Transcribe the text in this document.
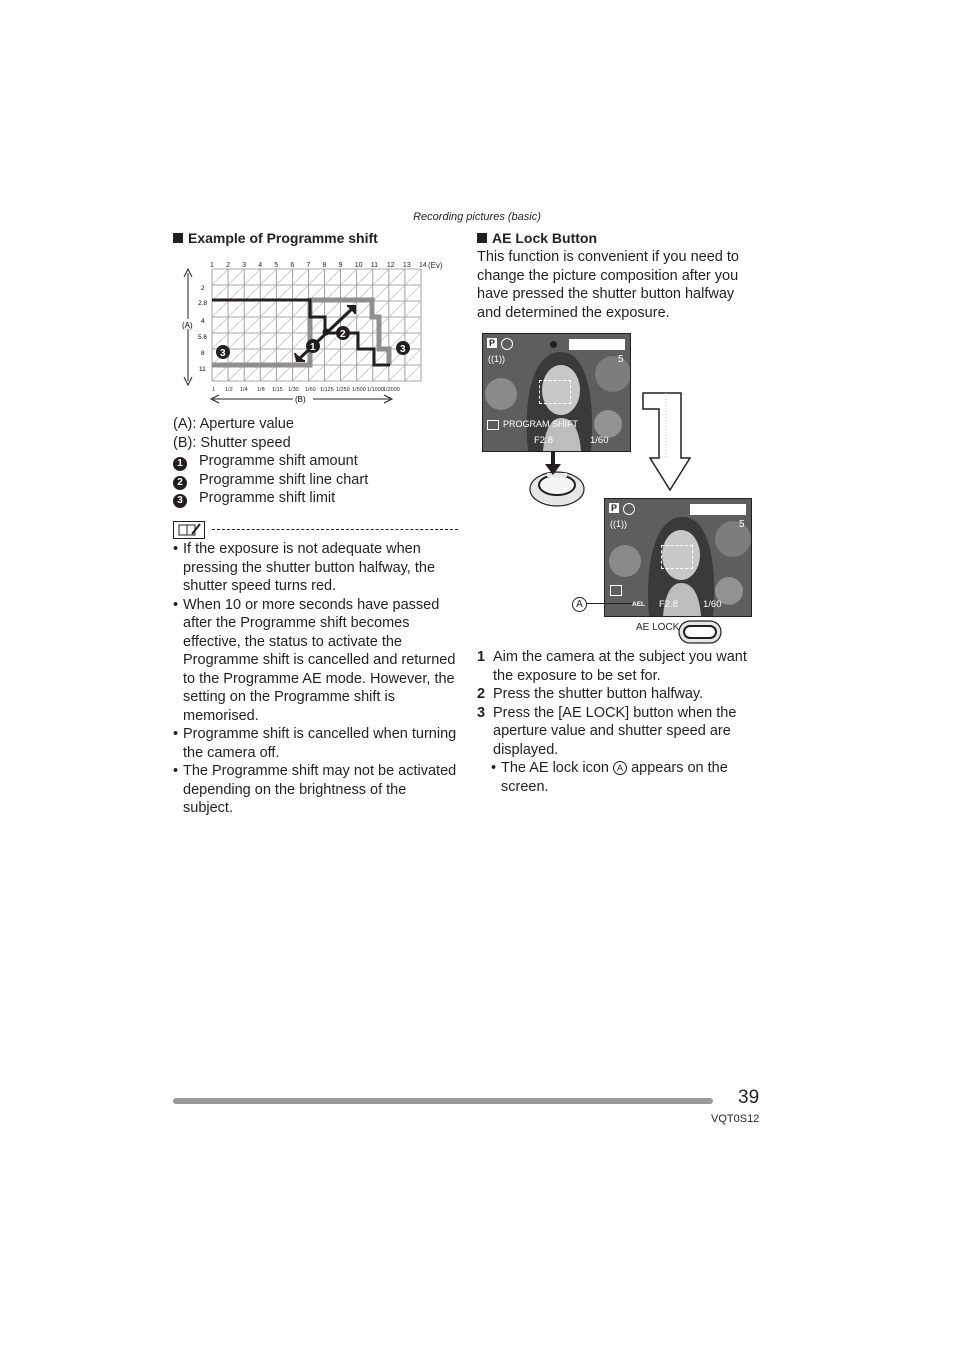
Recording pictures (basic)
Example of Programme shift
1 2 3 4 5 6 7 8 9 10 11 12 13 14 (Ev)
2
2.8
4
5.6
8
11
(A)
1 1/2 1/4 1/8 1/15 1/30 1/60 1/125 1/250 1/500 1/1000 1/2000
(B)
1
2
3	3
(A): Aperture value
(B): Shutter speed
1 Programme shift amount
2 Programme shift line chart
3 Programme shift limit
• If the exposure is not adequate when pressing the shutter button halfway, the shutter speed turns red.
• When 10 or more seconds have passed after the Programme shift becomes effective, the status to activate the Programme shift is cancelled and returned to the Programme AE mode. However, the setting on the Programme shift is memorised.
• Programme shift is cancelled when turning the camera off.
• The Programme shift may not be activated depending on the brightness of the subject.
AE Lock Button
This function is convenient if you need to change the picture composition after you have pressed the shutter button halfway and determined the exposure.
P
((1))	5
PROGRAM SHIFT
F2.8	1/60
P
((1))	5
AEL F2.8	1/60
A
AE LOCK
1 Aim the camera at the subject you want the exposure to be set for.
2 Press the shutter button halfway.
3 Press the [AE LOCK] button when the aperture value and shutter speed are displayed.
• The AE lock icon A appears on the screen.
39
VQT0S12
